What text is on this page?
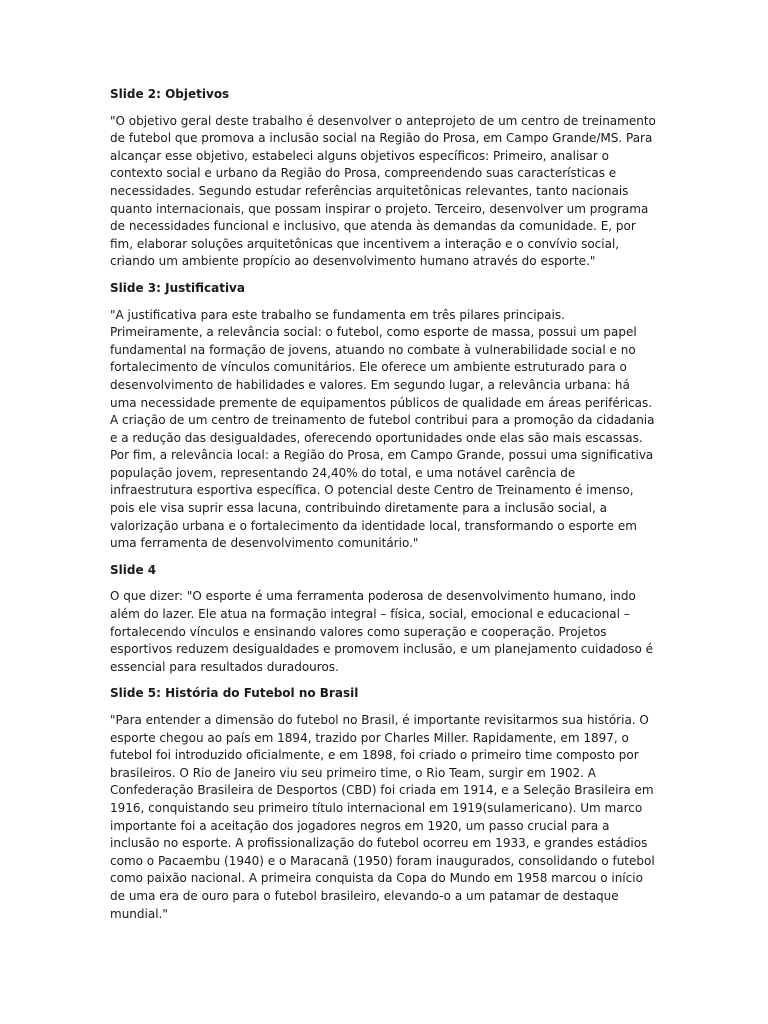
Slide 2: Objetivos

"O objetivo geral deste trabalho é desenvolver o anteprojeto de um centro de treinamento de futebol que promova a inclusão social na Região do Prosa, em Campo Grande/MS. Para alcançar esse objetivo, estabeleci alguns objetivos específicos: Primeiro, analisar o contexto social e urbano da Região do Prosa, compreendendo suas características e necessidades. Segundo estudar referências arquitetônicas relevantes, tanto nacionais quanto internacionais, que possam inspirar o projeto. Terceiro, desenvolver um programa de necessidades funcional e inclusivo, que atenda às demandas da comunidade. E, por fim, elaborar soluções arquitetônicas que incentivem a interação e o convívio social, criando um ambiente propício ao desenvolvimento humano através do esporte."

Slide 3: Justificativa

"A justificativa para este trabalho se fundamenta em três pilares principais. Primeiramente, a relevância social: o futebol, como esporte de massa, possui um papel fundamental na formação de jovens, atuando no combate à vulnerabilidade social e no fortalecimento de vínculos comunitários. Ele oferece um ambiente estruturado para o desenvolvimento de habilidades e valores. Em segundo lugar, a relevância urbana: há uma necessidade premente de equipamentos públicos de qualidade em áreas periféricas. A criação de um centro de treinamento de futebol contribui para a promoção da cidadania e a redução das desigualdades, oferecendo oportunidades onde elas são mais escassas. Por fim, a relevância local: a Região do Prosa, em Campo Grande, possui uma significativa população jovem, representando 24,40% do total, e uma notável carência de infraestrutura esportiva específica. O potencial deste Centro de Treinamento é imenso, pois ele visa suprir essa lacuna, contribuindo diretamente para a inclusão social, a valorização urbana e o fortalecimento da identidade local, transformando o esporte em uma ferramenta de desenvolvimento comunitário."

Slide 4

O que dizer: "O esporte é uma ferramenta poderosa de desenvolvimento humano, indo além do lazer. Ele atua na formação integral – física, social, emocional e educacional – fortalecendo vínculos e ensinando valores como superação e cooperação. Projetos esportivos reduzem desigualdades e promovem inclusão, e um planejamento cuidadoso é essencial para resultados duradouros.

Slide 5: História do Futebol no Brasil

"Para entender a dimensão do futebol no Brasil, é importante revisitarmos sua história. O esporte chegou ao país em 1894, trazido por Charles Miller. Rapidamente, em 1897, o futebol foi introduzido oficialmente, e em 1898, foi criado o primeiro time composto por brasileiros. O Rio de Janeiro viu seu primeiro time, o Rio Team, surgir em 1902. A Confederação Brasileira de Desportos (CBD) foi criada em 1914, e a Seleção Brasileira em 1916, conquistando seu primeiro título internacional em 1919(sulamericano). Um marco importante foi a aceitação dos jogadores negros em 1920, um passo crucial para a inclusão no esporte. A profissionalização do futebol ocorreu em 1933, e grandes estádios como o Pacaembu (1940) e o Maracanã (1950) foram inaugurados, consolidando o futebol como paixão nacional. A primeira conquista da Copa do Mundo em 1958 marcou o início de uma era de ouro para o futebol brasileiro, elevando-o a um patamar de destaque mundial."
